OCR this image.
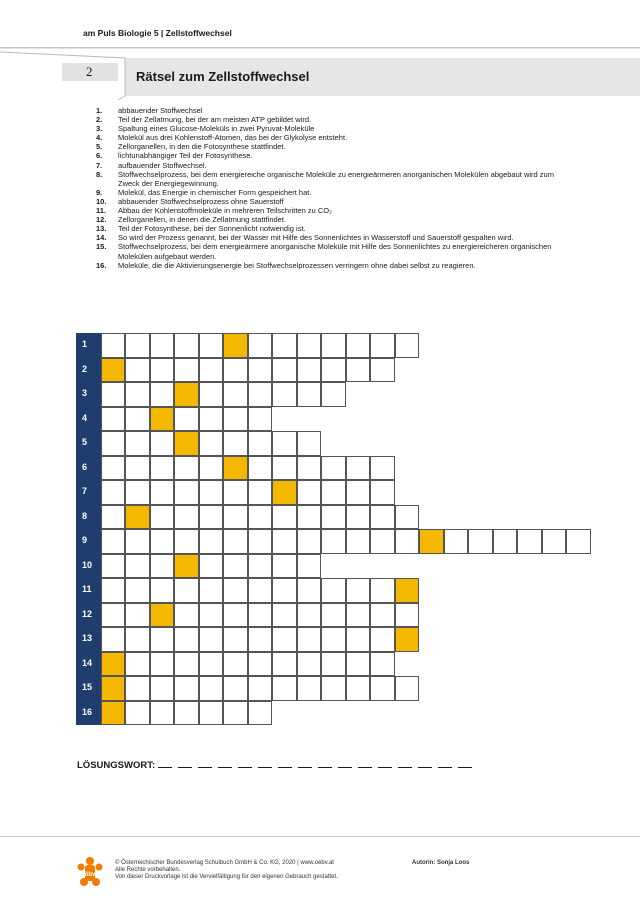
am Puls Biologie 5 | Zellstoffwechsel
2	Rätsel zum Zellstoffwechsel
1. abbauender Stoffwechsel
2. Teil der Zellatmung, bei der am meisten ATP gebildet wird.
3. Spaltung eines Glucose-Moleküls in zwei Pyruvat-Moleküle
4. Molekül aus drei Kohlenstoff-Atomen, das bei der Glykolyse entsteht.
5. Zellorganellen, in den die Fotosynthese stattfindet.
6. lichtunabhängiger Teil der Fotosynthese.
7. aufbauender Stoffwechsel.
8. Stoffwechselprozess, bei dem energiereiche organische Moleküle zu energieärmeren anorganischen Molekülen abgebaut wird zum Zweck der Energiegewinnung.
9. Molekül, das Energie in chemischer Form gespeichert hat.
10. abbauender Stoffwechselprozess ohne Sauerstoff
11. Abbau der Kohlenstoffmoleküle in mehreren Teilschritten zu CO₂
12. Zellorganellen, in denen die Zellatmung stattfindet.
13. Teil der Fotosynthese, bei der Sonnenlicht notwendig ist.
14. So wird der Prozess genannt, bei der Wasser mit Hilfe des Sonnenlichtes in Wasserstoff und Sauerstoff gespalten wird.
15. Stoffwechselprozess, bei dem energieärmere anorganische Moleküle mit Hilfe des Sonnenlichtes zu energiereicheren organischen Molekülen aufgebaut werden.
16. Moleküle, die die Aktivierungsenergie bei Stoffwechselprozessen verringern ohne dabei selbst zu reagieren.
1
2
3
4
5
6
7
8
9
10
11
12
13
14
15
16
LÖSUNGSWORT:
öbv
© Österreichischer Bundesverlag Schulbuch GmbH & Co. KG, 2020 | www.oebv.at
Alle Rechte vorbehalten.
Von dieser Druckvorlage ist die Vervielfältigung für den eigenen Gebrauch gestattet.
Autorin: Sonja Loos
